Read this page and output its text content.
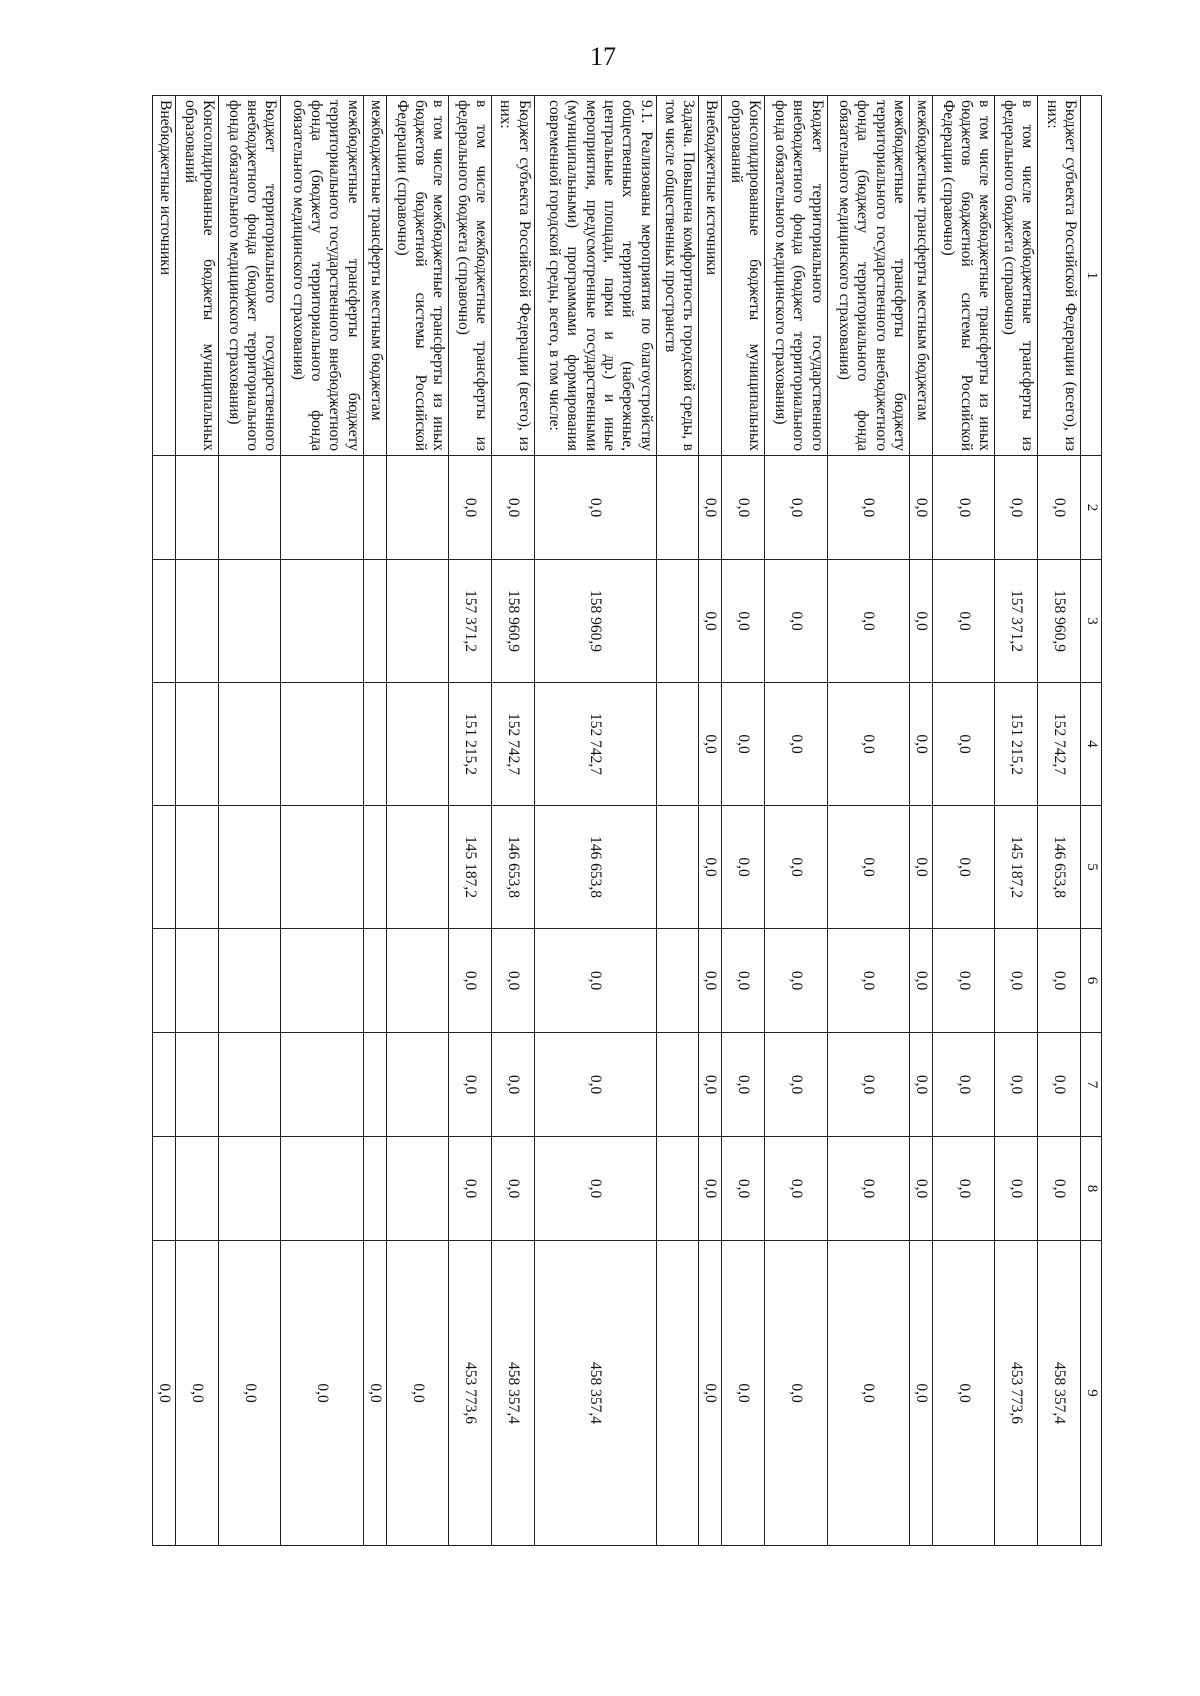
17
1	2	3	4	5	6	7	8	9
Бюджет субъекта Российской Федерации (всего), из них:	0,0	158 960,9	152 742,7	146 653,8	0,0	0,0	0,0	458 357,4
в том числе межбюджетные трансферты из федерального бюджета (справочно)	0,0	157 371,2	151 215,2	145 187,2	0,0	0,0	0,0	453 773,6
в том числе межбюджетные трансферты из иных бюджетов бюджетной системы Российской Федерации (справочно)	0,0	0,0	0,0	0,0	0,0	0,0	0,0	0,0
межбюджетные трансферты местным бюджетам	0,0	0,0	0,0	0,0	0,0	0,0	0,0	0,0
межбюджетные трансферты бюджету территориального государственного внебюджетного фонда (бюджету территориального фонда обязательного медицинского страхования)	0,0	0,0	0,0	0,0	0,0	0,0	0,0	0,0
Бюджет территориального государственного внебюджетного фонда (бюджет территориального фонда обязательного медицинского страхования)	0,0	0,0	0,0	0,0	0,0	0,0	0,0	0,0
Консолидированные бюджеты муниципальных образований	0,0	0,0	0,0	0,0	0,0	0,0	0,0	0,0
Внебюджетные источники	0,0	0,0	0,0	0,0	0,0	0,0	0,0	0,0
Задача. Повышена комфортность городской среды, в том числе общественных пространств								
9.1. Реализованы мероприятия по благоустройству общественных территорий (набережные, центральные площади, парки и др.) и иные мероприятия, предусмотренные государственными (муниципальными) программами формирования современной городской среды, всего, в том числе:	0,0	158 960,9	152 742,7	146 653,8	0,0	0,0	0,0	458 357,4
Бюджет субъекта Российской Федерации (всего), из них:	0,0	158 960,9	152 742,7	146 653,8	0,0	0,0	0,0	458 357,4
в том числе межбюджетные трансферты из федерального бюджета (справочно)	0,0	157 371,2	151 215,2	145 187,2	0,0	0,0	0,0	453 773,6
в том числе межбюджетные трансферты из иных бюджетов бюджетной системы Российской Федерации (справочно)								0,0
межбюджетные трансферты местным бюджетам								0,0
межбюджетные трансферты бюджету территориального государственного внебюджетного фонда (бюджету территориального фонда обязательного медицинского страхования)								0,0
Бюджет территориального государственного внебюджетного фонда (бюджет территориального фонда обязательного медицинского страхования)								0,0
Консолидированные бюджеты муниципальных образований								0,0
Внебюджетные источники								0,0
